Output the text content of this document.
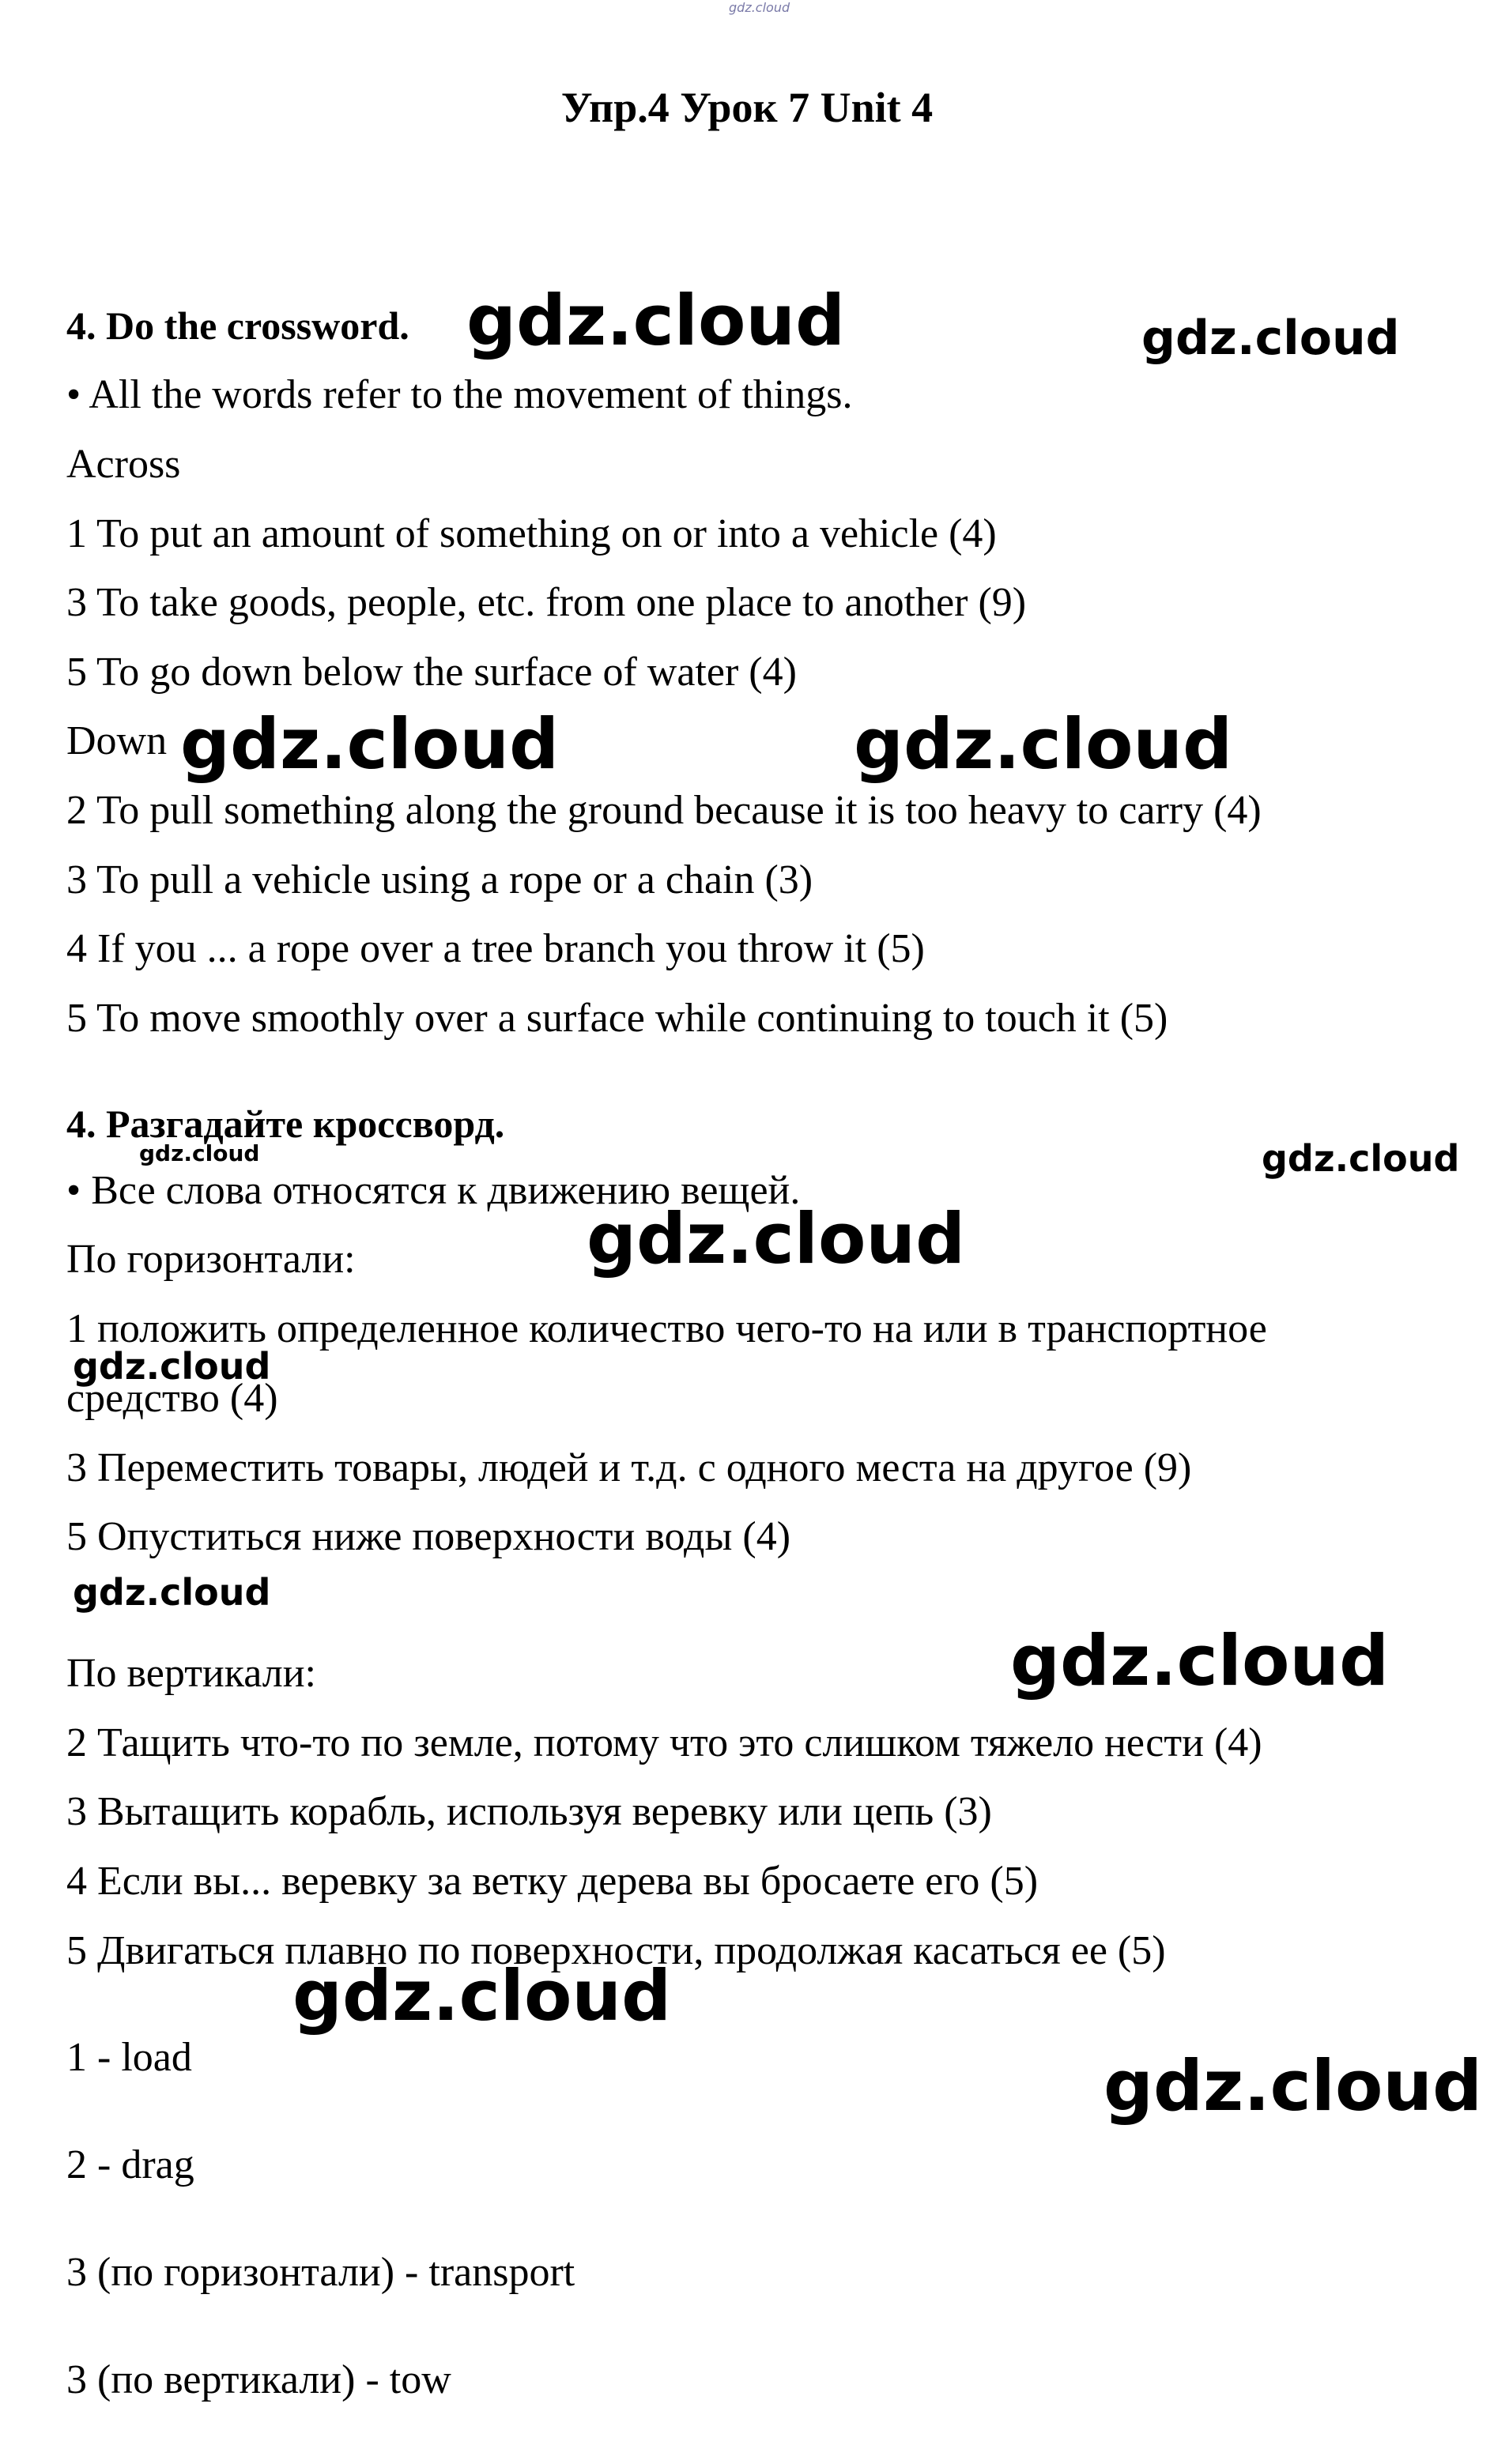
gdz.cloud
Упр.4 Урок 7 Unit 4
4. Do the crossword.
• All the words refer to the movement of things.
Across
1 To put an amount of something on or into a vehicle (4)
3 To take goods, people, etc. from one place to another (9)
5 To go down below the surface of water (4)
Down
2 To pull something along the ground because it is too heavy to carry (4)
3 To pull a vehicle using a rope or a chain (3)
4 If you ... a rope over a tree branch you throw it (5)
5 To move smoothly over a surface while continuing to touch it (5)
4. Разгадайте кроссворд.
• Все слова относятся к движению вещей.
По горизонтали:
1 положить определенное количество чего-то на или в транспортное
средство (4)
3 Переместить товары, людей и т.д. с одного места на другое (9)
5 Опуститься ниже поверхности воды (4)
По вертикали:
2 Тащить что-то по земле, потому что это слишком тяжело нести (4)
3 Вытащить корабль, используя веревку или цепь (3)
4 Если вы... веревку за ветку дерева вы бросаете его (5)
5 Двигаться плавно по поверхности, продолжая касаться ее (5)
1 - load
2 - drag
3 (по горизонтали) - transport
3 (по вертикали) - tow
gdz.cloud	gdz.cloud
gdz.cloud	gdz.cloud
gdz.cloud	gdz.cloud
gdz.cloud
gdz.cloud
gdz.cloud
gdz.cloud
gdz.cloud
gdz.cloud
